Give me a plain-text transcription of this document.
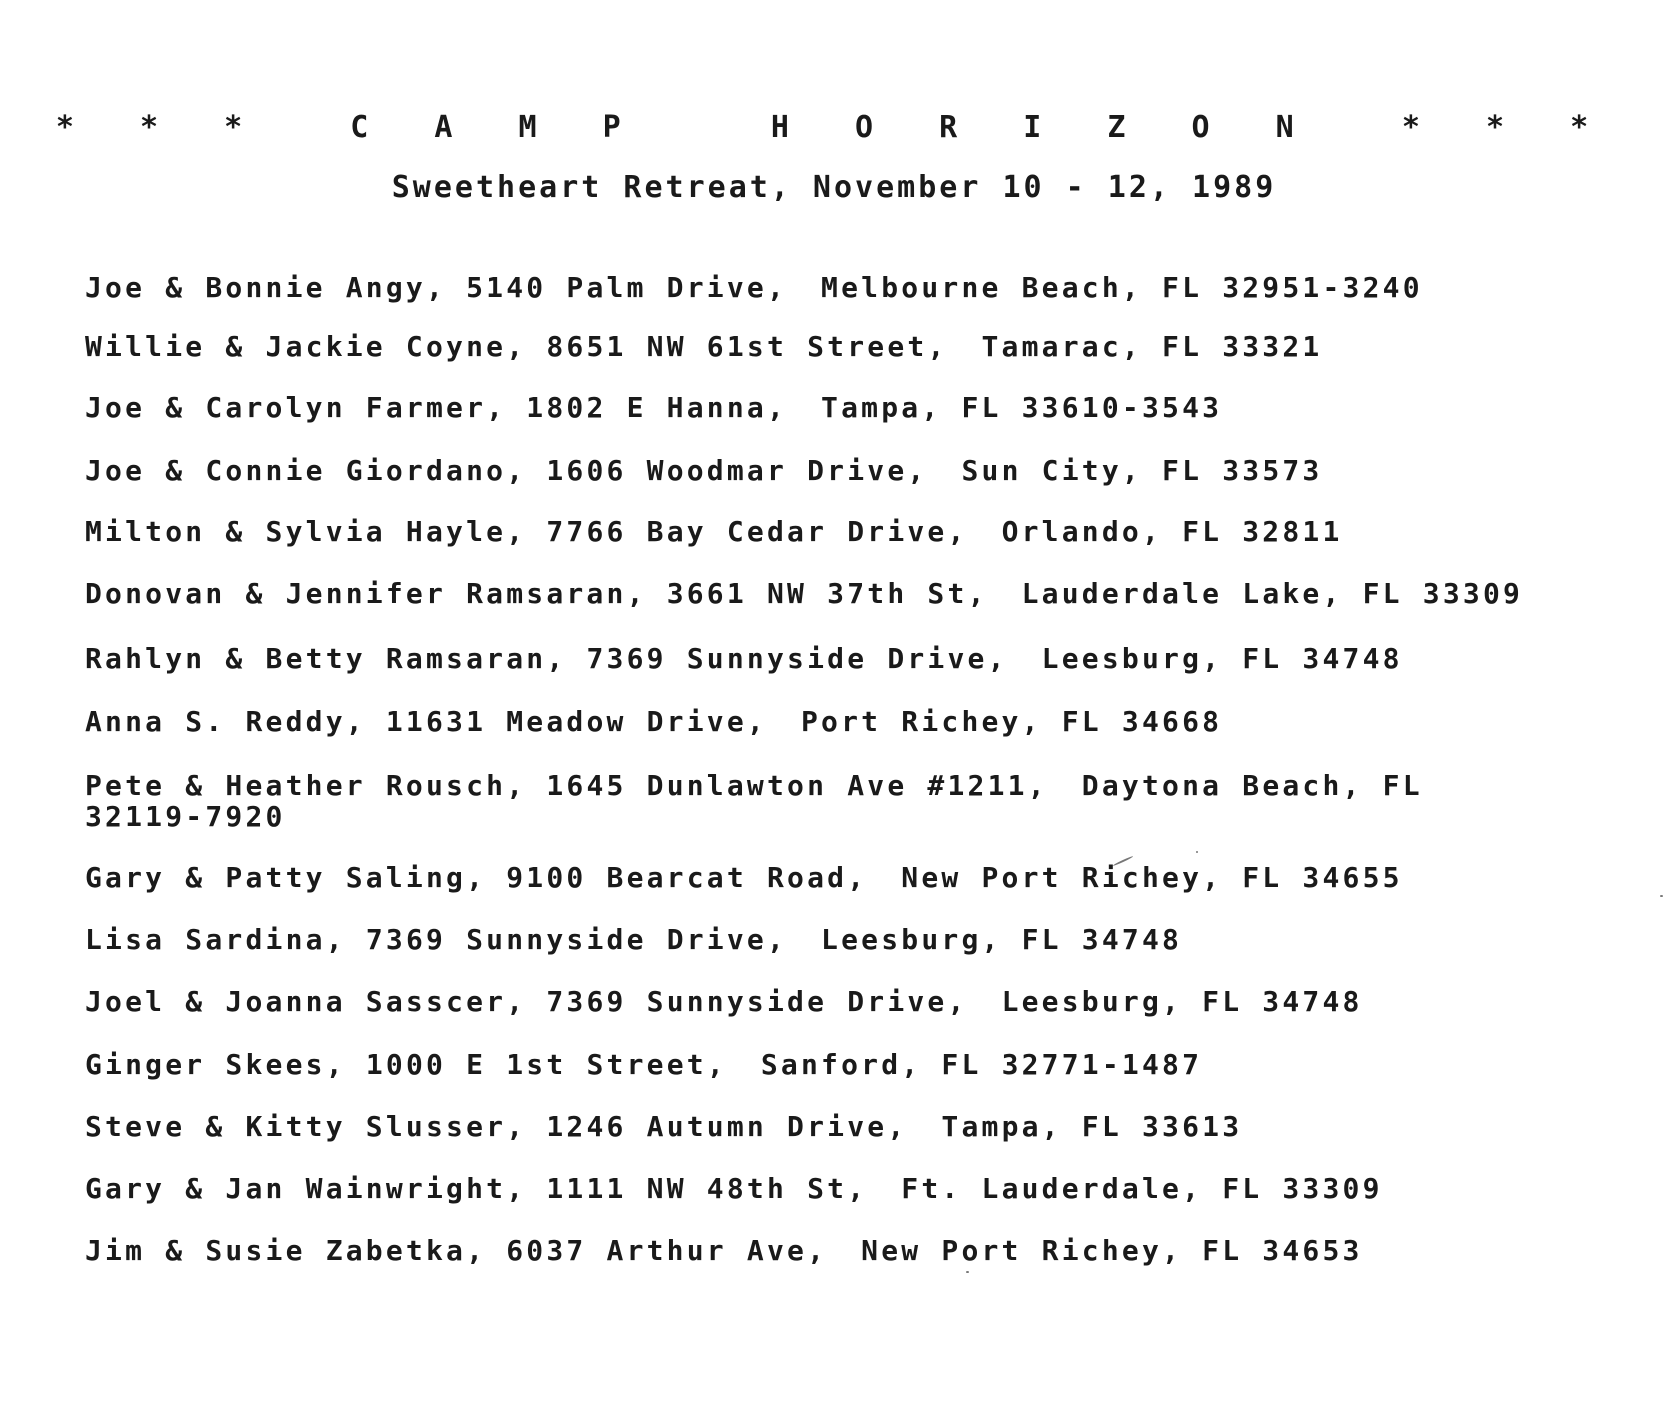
* * *  C A M P   H O R I Z O N  * * *
Sweetheart Retreat, November 10 - 12, 1989
Joe & Bonnie Angy, 5140 Palm Drive, Melbourne Beach, FL 32951-3240
Willie & Jackie Coyne, 8651 NW 61st Street, Tamarac, FL 33321
Joe & Carolyn Farmer, 1802 E Hanna, Tampa, FL 33610-3543
Joe & Connie Giordano, 1606 Woodmar Drive, Sun City, FL 33573
Milton & Sylvia Hayle, 7766 Bay Cedar Drive, Orlando, FL 32811
Donovan & Jennifer Ramsaran, 3661 NW 37th St, Lauderdale Lake, FL 33309
Rahlyn & Betty Ramsaran, 7369 Sunnyside Drive, Leesburg, FL 34748
Anna S. Reddy, 11631 Meadow Drive, Port Richey, FL 34668
Pete & Heather Rousch, 1645 Dunlawton Ave #1211, Daytona Beach, FL
32119-7920
Gary & Patty Saling, 9100 Bearcat Road, New Port Richey, FL 34655
Lisa Sardina, 7369 Sunnyside Drive, Leesburg, FL 34748
Joel & Joanna Sasscer, 7369 Sunnyside Drive, Leesburg, FL 34748
Ginger Skees, 1000 E 1st Street, Sanford, FL 32771-1487
Steve & Kitty Slusser, 1246 Autumn Drive, Tampa, FL 33613
Gary & Jan Wainwright, 1111 NW 48th St, Ft. Lauderdale, FL 33309
Jim & Susie Zabetka, 6037 Arthur Ave, New Port Richey, FL 34653
